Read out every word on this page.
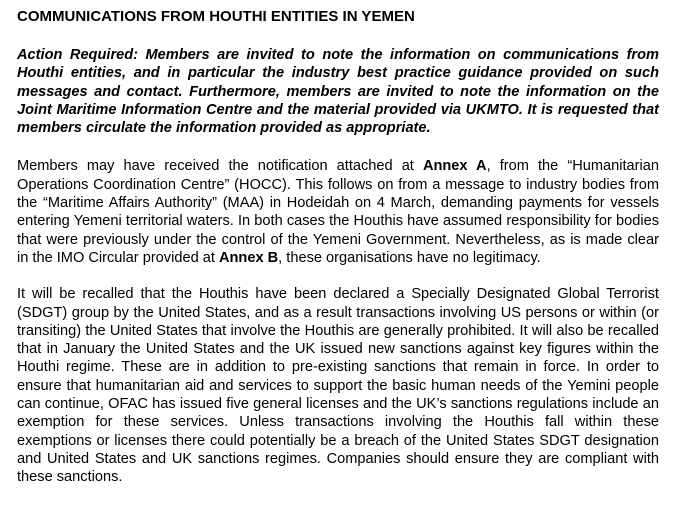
COMMUNICATIONS FROM HOUTHI ENTITIES IN YEMEN
Action Required: Members are invited to note the information on communications from Houthi entities, and in particular the industry best practice guidance provided on such messages and contact. Furthermore, members are invited to note the information on the Joint Maritime Information Centre and the material provided via UKMTO. It is requested that members circulate the information provided as appropriate.
Members may have received the notification attached at Annex A, from the “Humanitarian Operations Coordination Centre” (HOCC). This follows on from a message to industry bodies from the “Maritime Affairs Authority” (MAA) in Hodeidah on 4 March, demanding payments for vessels entering Yemeni territorial waters. In both cases the Houthis have assumed responsibility for bodies that were previously under the control of the Yemeni Government. Nevertheless, as is made clear in the IMO Circular provided at Annex B, these organisations have no legitimacy.
It will be recalled that the Houthis have been declared a Specially Designated Global Terrorist (SDGT) group by the United States, and as a result transactions involving US persons or within (or transiting) the United States that involve the Houthis are generally prohibited. It will also be recalled that in January the United States and the UK issued new sanctions against key figures within the Houthi regime. These are in addition to pre-existing sanctions that remain in force. In order to ensure that humanitarian aid and services to support the basic human needs of the Yemini people can continue, OFAC has issued five general licenses and the UK’s sanctions regulations include an exemption for these services. Unless transactions involving the Houthis fall within these exemptions or licenses there could potentially be a breach of the United States SDGT designation and United States and UK sanctions regimes. Companies should ensure they are compliant with these sanctions.
